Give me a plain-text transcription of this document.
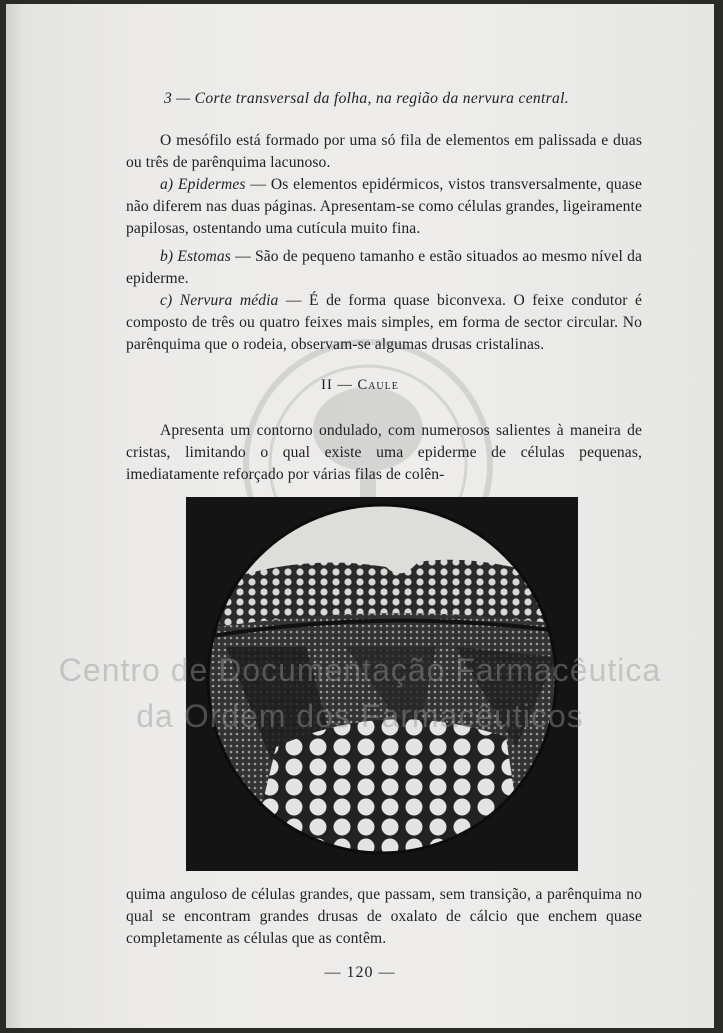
3 — Corte transversal da folha, na região da nervura central.

O mesófilo está formado por uma só fila de elementos em palissada e duas ou três de parênquima lacunoso.

a) Epidermes — Os elementos epidérmicos, vistos transversalmente, quase não diferem nas duas páginas. Apresentam-se como células grandes, ligeiramente papilosas, ostentando uma cutícula muito fina.

b) Estomas — São de pequeno tamanho e estão situados ao mesmo nível da epiderme.

c) Nervura média — É de forma quase biconvexa. O feixe condutor é composto de três ou quatro feixes mais simples, em forma de sector circular. No parênquima que o rodeia, observam-se algumas drusas cristalinas.

II — Caule

Apresenta um contorno ondulado, com numerosos salientes à maneira de cristas, limitando o qual existe uma epiderme de células pequenas, imediatamente reforçado por várias filas de colên-

Centro de Documentação Farmacêutica
da Ordem dos Farmacêuticos

quima anguloso de células grandes, que passam, sem transição, a parênquima no qual se encontram grandes drusas de oxalato de cálcio que enchem quase completamente as células que as contêm.

— 120 —
